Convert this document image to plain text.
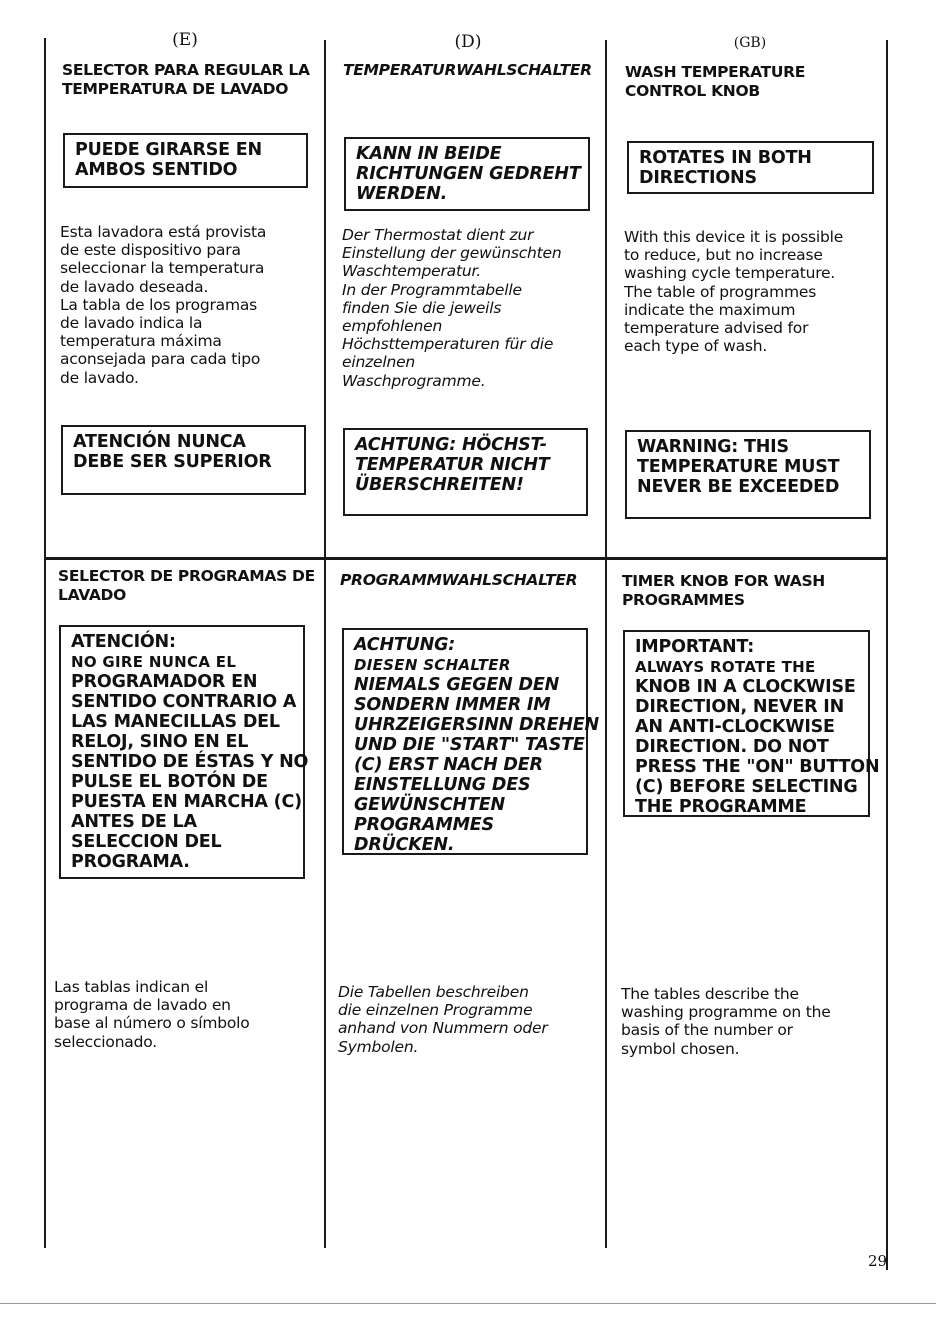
(E)	(D)	(GB)
SELECTOR PARA REGULAR LA
TEMPERATURA DE LAVADO
PUEDE GIRARSE EN
AMBOS SENTIDO
Esta lavadora está provista
de este dispositivo para
seleccionar la temperatura
de lavado deseada.
La tabla de los programas
de lavado indica la
temperatura máxima
aconsejada para cada tipo
de lavado.
ATENCIÓN NUNCA
DEBE SER SUPERIOR
TEMPERATURWAHLSCHALTER
KANN IN BEIDE
RICHTUNGEN GEDREHT
WERDEN.
Der Thermostat dient zur
Einstellung der gewünschten
Waschtemperatur.
In der Programmtabelle
finden Sie die jeweils
empfohlenen
Höchsttemperaturen für die
einzelnen
Waschprogramme.
ACHTUNG: HÖCHST-
TEMPERATUR NICHT
ÜBERSCHREITEN!
WASH TEMPERATURE
CONTROL KNOB
ROTATES IN BOTH
DIRECTIONS
With this device it is possible
to reduce, but no increase
washing cycle temperature.
The table of programmes
indicate the maximum
temperature advised for
each type of wash.
WARNING: THIS
TEMPERATURE MUST
NEVER BE EXCEEDED
SELECTOR DE PROGRAMAS DE
LAVADO
ATENCIÓN:
NO GIRE NUNCA EL
PROGRAMADOR EN
SENTIDO CONTRARIO A
LAS MANECILLAS DEL
RELOJ, SINO EN EL
SENTIDO DE ÉSTAS Y NO
PULSE EL BOTÓN DE
PUESTA EN MARCHA (C)
ANTES DE LA
SELECCION DEL
PROGRAMA.
Las tablas indican el
programa de lavado en
base al número o símbolo
seleccionado.
PROGRAMMWAHLSCHALTER
ACHTUNG:
DIESEN SCHALTER
NIEMALS GEGEN DEN
SONDERN IMMER IM
UHRZEIGERSINN DREHEN
UND DIE "START" TASTE
(C) ERST NACH DER
EINSTELLUNG DES
GEWÜNSCHTEN
PROGRAMMES
DRÜCKEN.
Die Tabellen beschreiben
die einzelnen Programme
anhand von Nummern oder
Symbolen.
TIMER KNOB FOR WASH
PROGRAMMES
IMPORTANT:
ALWAYS ROTATE THE
KNOB IN A CLOCKWISE
DIRECTION, NEVER IN
AN ANTI-CLOCKWISE
DIRECTION. DO NOT
PRESS THE "ON" BUTTON
(C) BEFORE SELECTING
THE PROGRAMME
The tables describe the
washing programme on the
basis of the number or
symbol chosen.
29
